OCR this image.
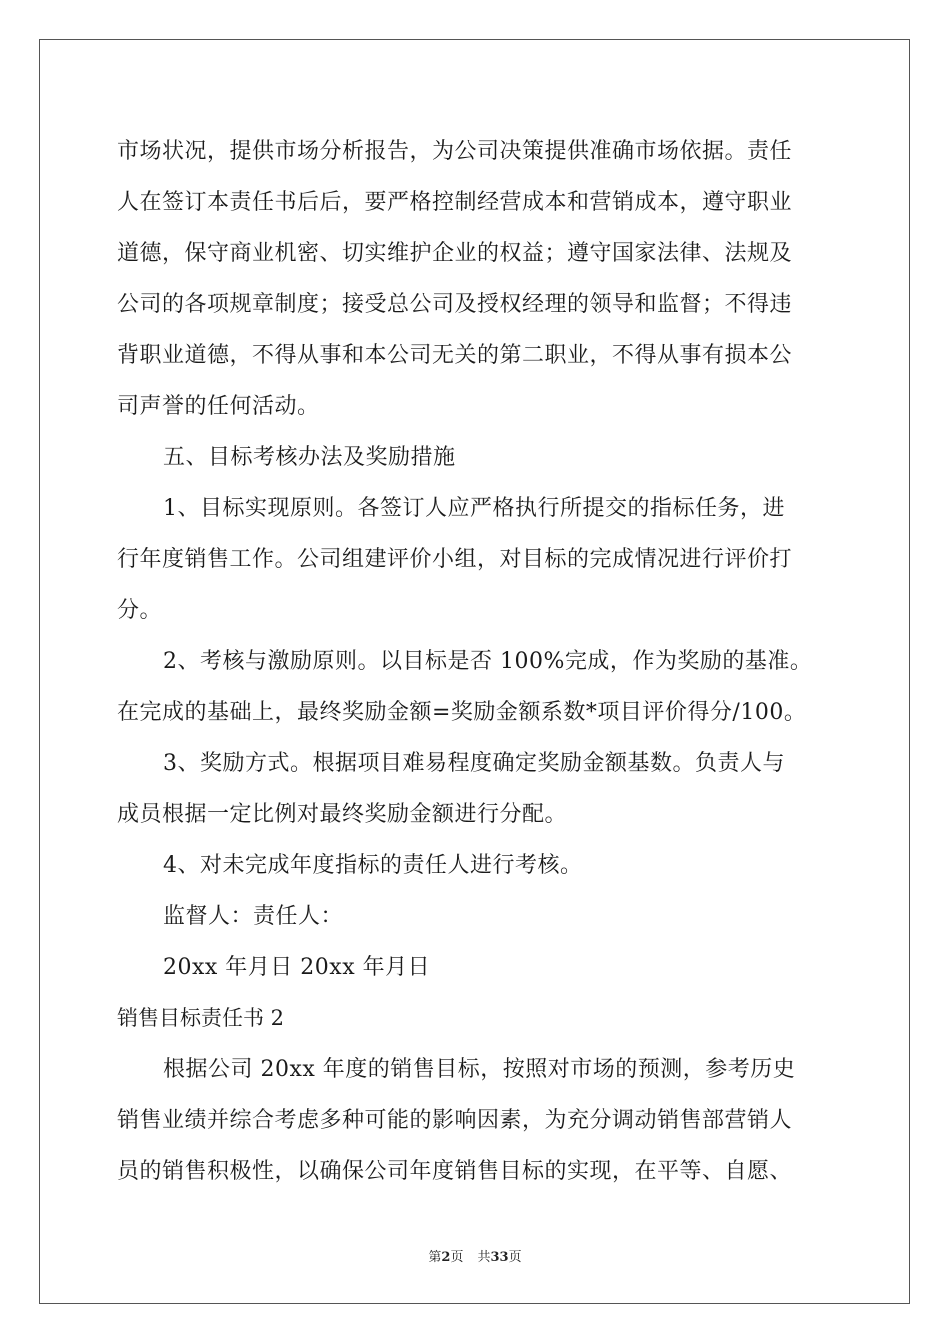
市场状况，提供市场分析报告，为公司决策提供准确市场依据。责任
人在签订本责任书后后，要严格控制经营成本和营销成本，遵守职业
道德，保守商业机密、切实维护企业的权益；遵守国家法律、法规及
公司的各项规章制度；接受总公司及授权经理的领导和监督；不得违
背职业道德，不得从事和本公司无关的第二职业，不得从事有损本公
司声誉的任何活动。
五、目标考核办法及奖励措施
1、目标实现原则。各签订人应严格执行所提交的指标任务，进
行年度销售工作。公司组建评价小组，对目标的完成情况进行评价打
分。
2、考核与激励原则。以目标是否 100%完成，作为奖励的基准。
在完成的基础上，最终奖励金额=奖励金额系数*项目评价得分/100。
3、奖励方式。根据项目难易程度确定奖励金额基数。负责人与
成员根据一定比例对最终奖励金额进行分配。
4、对未完成年度指标的责任人进行考核。
监督人：责任人：
20xx 年月日 20xx 年月日
销售目标责任书 2
根据公司 20xx 年度的销售目标，按照对市场的预测，参考历史
销售业绩并综合考虑多种可能的影响因素，为充分调动销售部营销人
员的销售积极性，以确保公司年度销售目标的实现，在平等、自愿、
第2页 共33页
